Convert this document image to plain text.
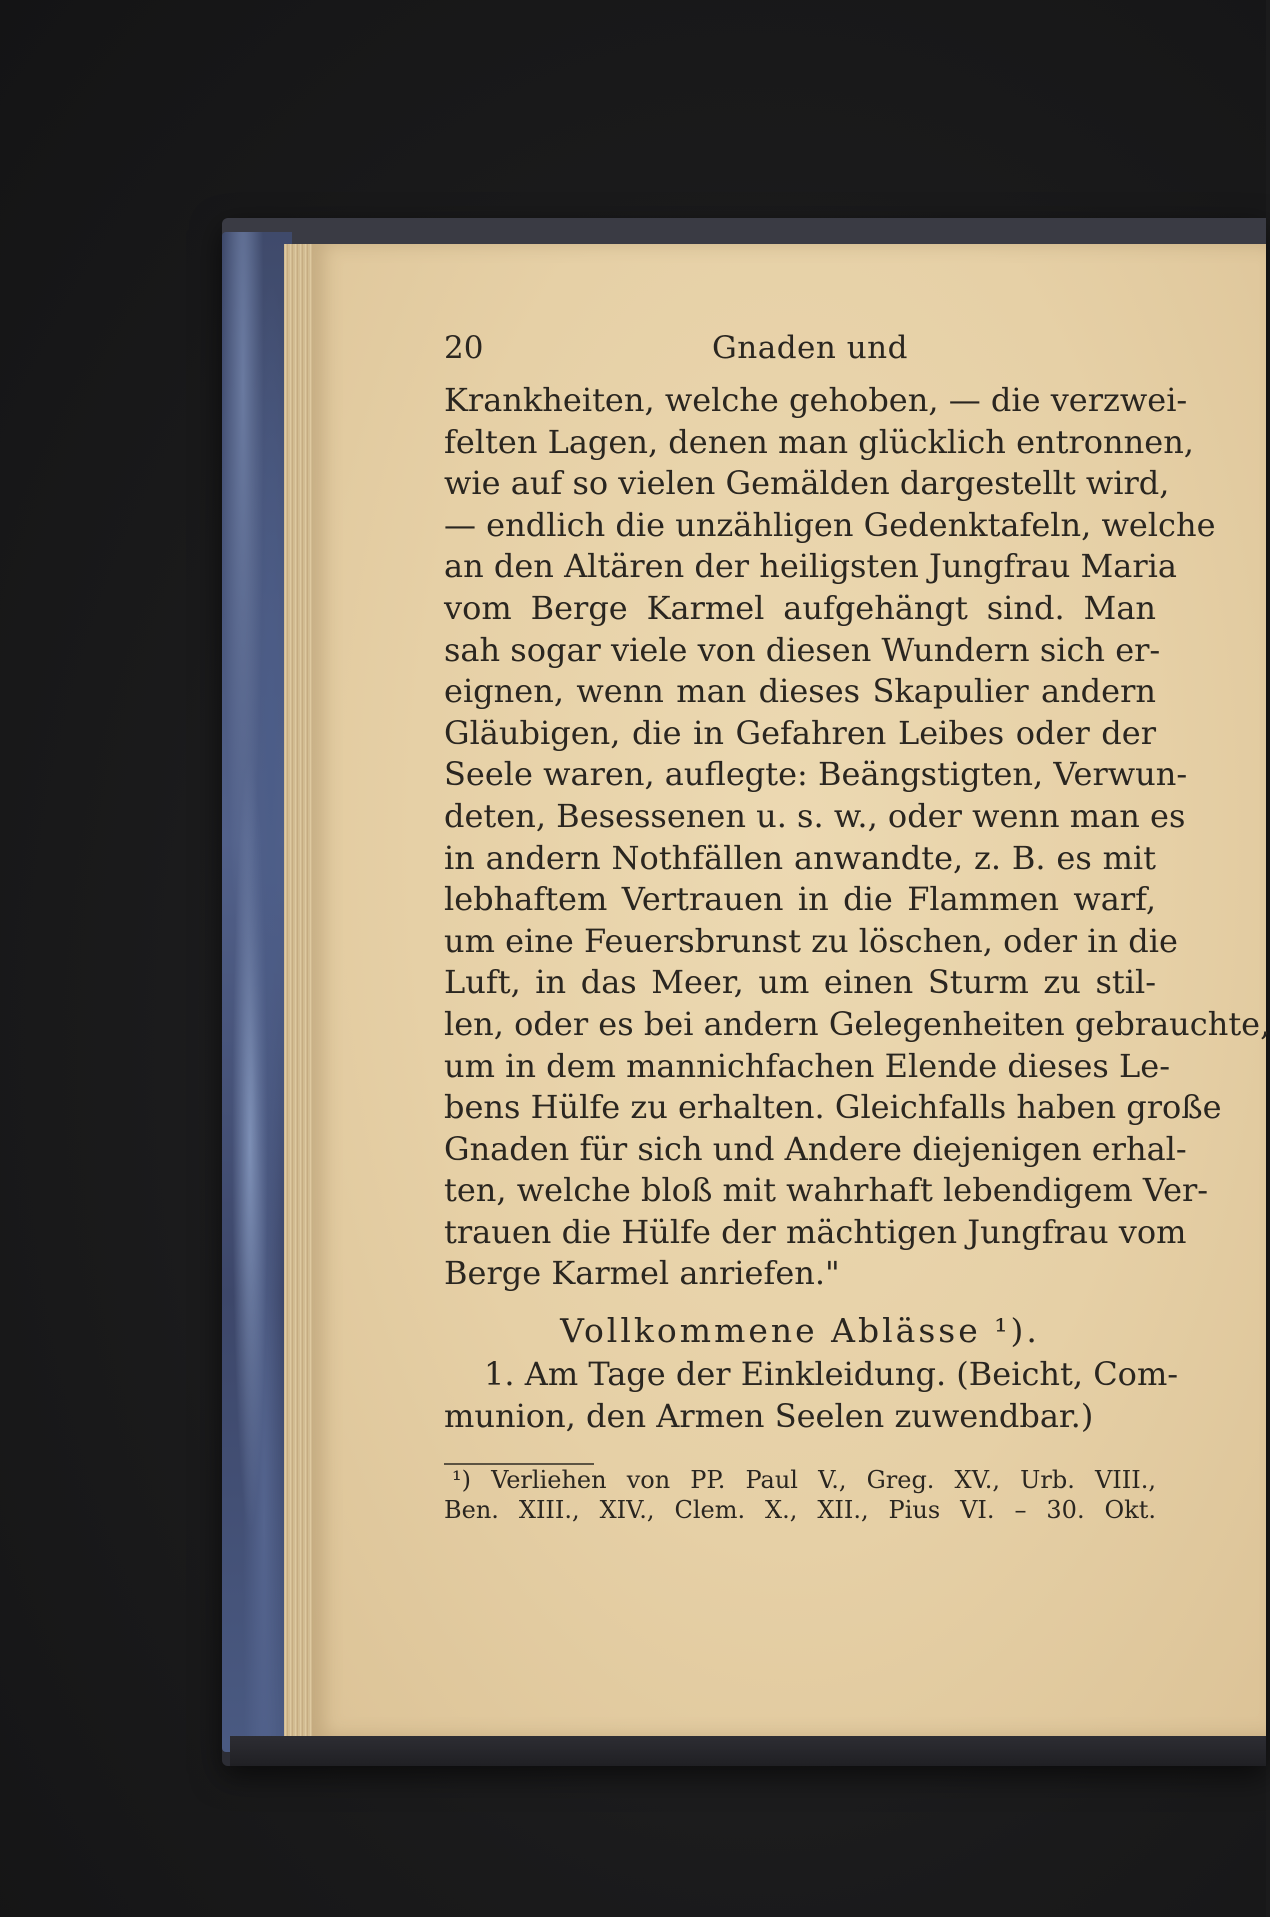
20	Gnaden und
Krankheiten, welche gehoben, — die verzwei-
felten Lagen, denen man glücklich entronnen,
wie auf so vielen Gemälden dargestellt wird,
— endlich die unzähligen Gedenktafeln, welche
an den Altären der heiligsten Jungfrau Maria
vom Berge Karmel aufgehängt sind. Man
sah sogar viele von diesen Wundern sich er-
eignen, wenn man dieses Skapulier andern
Gläubigen, die in Gefahren Leibes oder der
Seele waren, auflegte: Beängstigten, Verwun-
deten, Besessenen u. s. w., oder wenn man es
in andern Nothfällen anwandte, z. B. es mit
lebhaftem Vertrauen in die Flammen warf,
um eine Feuersbrunst zu löschen, oder in die
Luft, in das Meer, um einen Sturm zu stil-
len, oder es bei andern Gelegenheiten gebrauchte,
um in dem mannichfachen Elende dieses Le-
bens Hülfe zu erhalten. Gleichfalls haben große
Gnaden für sich und Andere diejenigen erhal-
ten, welche bloß mit wahrhaft lebendigem Ver-
trauen die Hülfe der mächtigen Jungfrau vom
Berge Karmel anriefen."
Vollkommene Ablässe ¹).
1. Am Tage der Einkleidung. (Beicht, Com-
munion, den Armen Seelen zuwendbar.)
¹) Verliehen von PP. Paul V., Greg. XV., Urb. VIII.,
Ben. XIII., XIV., Clem. X., XII., Pius VI. – 30. Okt.
